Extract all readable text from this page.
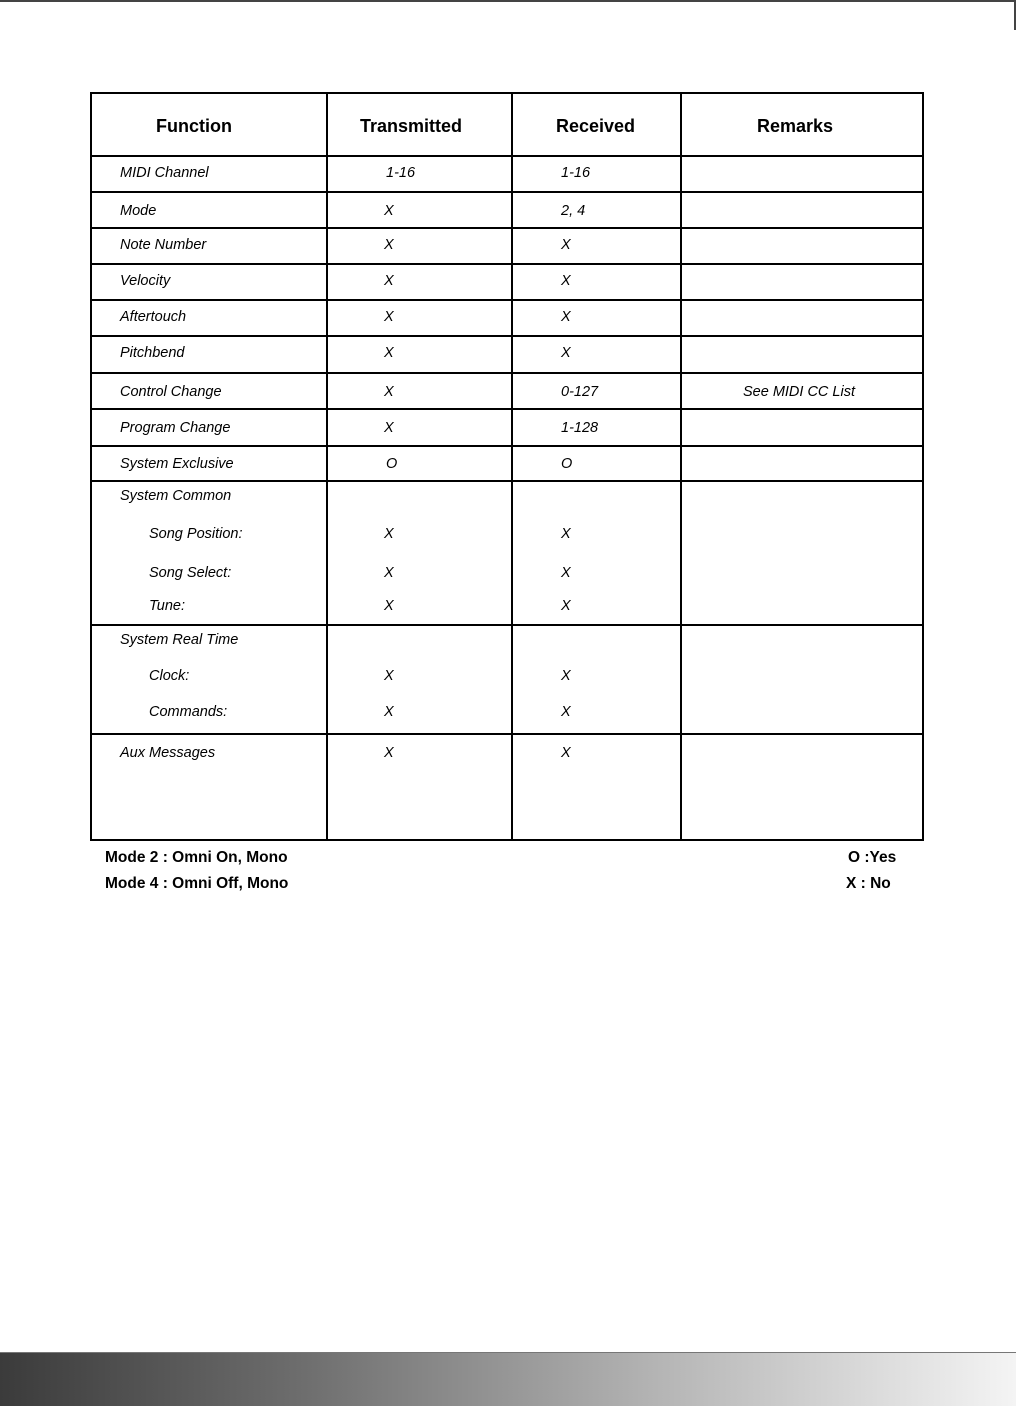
Function	Transmitted	Received	Remarks
MIDI Channel	1-16	1-16
Mode	X	2, 4
Note Number	X	X
Velocity	X	X
Aftertouch	X	X
Pitchbend	X	X
Control Change	X	0-127	See MIDI CC List
Program Change	X	1-128
System Exclusive	O	O
System Common
Song Position:	X	X
Song Select:	X	X
Tune:	X	X
System Real Time
Clock:	X	X
Commands:	X	X
Aux Messages	X	X
Mode 2 : Omni On, Mono
Mode 4 : Omni Off, Mono
O :Yes
X : No
